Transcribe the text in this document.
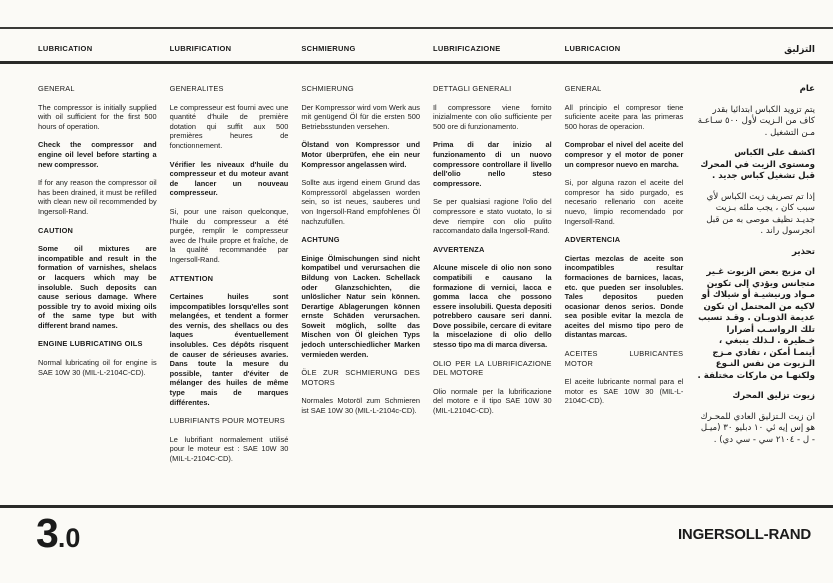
LUBRICATION	LUBRIFICATION	SCHMIERUNG	LUBRIFICAZIONE	LUBRICACION	التزليق
GENERAL
The compressor is initially supplied with oil sufficient for the first 500 hours of operation.
Check the compressor and engine oil level before starting a new compressor.
If for any reason the compressor oil has been drained, it must be refilled with clean new oil recommended by Ingersoll-Rand.
CAUTION
Some oil mixtures are incompatible and result in the formation of varnishes, shelacs or lacquers which may be insoluble. Such deposits can cause serious damage. Where possible try to avoid mixing oils of the same type but with different brand names.
ENGINE LUBRICATING OILS
Normal lubricating oil for engine is SAE 10W 30 (MIL-L-2104C-CD).
GENERALITES
Le compresseur est fourni avec une quantité d'huile de première dotation qui suffit aux 500 premières heures de fonctionnement.
Vérifier les niveaux d'huile du compresseur et du moteur avant de lancer un nouveau compresseur.
Si, pour une raison quelconque, l'huile du compresseur a été purgée, remplir le compresseur avec de l'huile propre et fraîche, de la qualité recommandée par Ingersoll-Rand.
ATTENTION
Certaines huiles sont impcompatibles lorsqu'elles sont melangées, et tendent a former des vernis, des shellacs ou des laques éventuellement insolubles. Ces dépôts risquent de causer de sérieuses avaries. Dans toute la mesure du possible, tanter d'éviter de mélanger des huiles de même type mais de marques différentes.
LUBRIFIANTS POUR MOTEURS
Le lubrifiant normalement utilisé pour le moteur est : SAE 10W 30 (MIL-L-2104C-CD).
SCHMIERUNG
Der Kompressor wird vom Werk aus mit genügend Öl für die ersten 500 Betriebsstunden versehen.
Ölstand von Kompressor und Motor überprüfen, ehe ein neur Kompressor angelassen wird.
Sollte aus irgend einem Grund das Kompressoröl abgelassen worden sein, so ist neues, sauberes und von Ingersoll-Rand empfohlenes Öl nachzufüllen.
ACHTUNG
Einige Ölmischungen sind nicht kompatibel und verursachen die Bildung von Lacken. Schellack oder Glanzschichten, die unlöslicher Natur sein können. Derartige Ablagerungen können ernste Schäden verursachen. Soweit möglich, sollte das Mischen von Öl gleichen Typs jedoch unterschiedlicher Marken vermieden werden.
ÖLE ZUR SCHMIERUNG DES MOTORS
Normales Motoröl zum Schmieren ist SAE 10W 30 (MIL-L-2104c-CD).
DETTAGLI GENERALI
Il compressore viene fornito inizialmente con olio sufficiente per 500 ore di funzionamento.
Prima di dar inizio al funzionamento di un nuovo compressore controllare il livello dell'olio nello steso compressore.
Se per qualsiasi ragione l'olio del compressore e stato vuotato, lo si deve riempire con olio pulito raccomandato dalla Ingersoll-Rand.
AVVERTENZA
Alcune miscele di olio non sono compatibili e causano la formazione di vernici, lacca e gomma lacca che possono essere insolubili. Questa depositi potrebbero causare seri danni. Dove possibile, cercare di evitare la miscelazione di olio dello stesso tipo ma di marca diversa.
OLIO PER LA LUBRIFICAZIONE DEL MOTORE
Olio normale per la lubrificazione del motore e il tipo SAE 10W 30 (MIL-L2104C-CD).
GENERAL
All principio el compresor tiene suficiente aceite para las primeras 500 horas de operacion.
Comprobar el nivel del aceite del compresor y el motor de poner un compresor nuevo en marcha.
Si, por alguna razon el aceite del compresor ha sido purgado, es necesario rellenario con aceite nuevo, limpio recomendado por Ingersoll-Rand.
ADVERTENCIA
Ciertas mezclas de aceite son incompatibles resultar formaciones de barnices, lacas, etc. que pueden ser insolubles. Tales depositos pueden ocasionar denos serios. Donde sea posible evitar la mezcla de aceites del mismo tipo pero de distantas marcas.
ACEITES LUBRICANTES MOTOR
El aceite lubricante normal para el motor es SAE 10W 30 (MIL-L-2104C-CD).
عام
يتم تزويد الكباس ابتدائيا بقدر كاف من الـزيت لأول ٥٠٠ سـاعـة مـن التشغيل .
اكشف على الكباس ومستوى الزيت في المحرك قبل تشغيل كباس جديد .
إذا تم تصريف زيت الكباس لأي سبب كان ، يجب ملئه بـزيت جديـد نظيف موصى به من قبل انجرسول راند .
تحذير
ان مزيج بعض الزيوت غـير متجانس ويؤدي إلى تكوين مـواد ورنيشيـة أو شيلاك أو لاكيه من المحتمل ان تكون عديمة الذوبـان . وقـد تسبب تلك الرواسـب أضرارا خـطيرة . لـذلك ينبغي ، أينمـا أمكن ، تفادي مـزج الـزيوت من نفس النـوع ولكنهـا من ماركات مختلفة .
زيوت تزليق المحرك
ان زيت الـتزليق العادي للمحـرك هو إس إيه ئي ١٠ دبليو ٣٠ (ميـل - ل - ٢١٠٤ سي - سي دي) .
3.0	INGERSOLL-RAND
